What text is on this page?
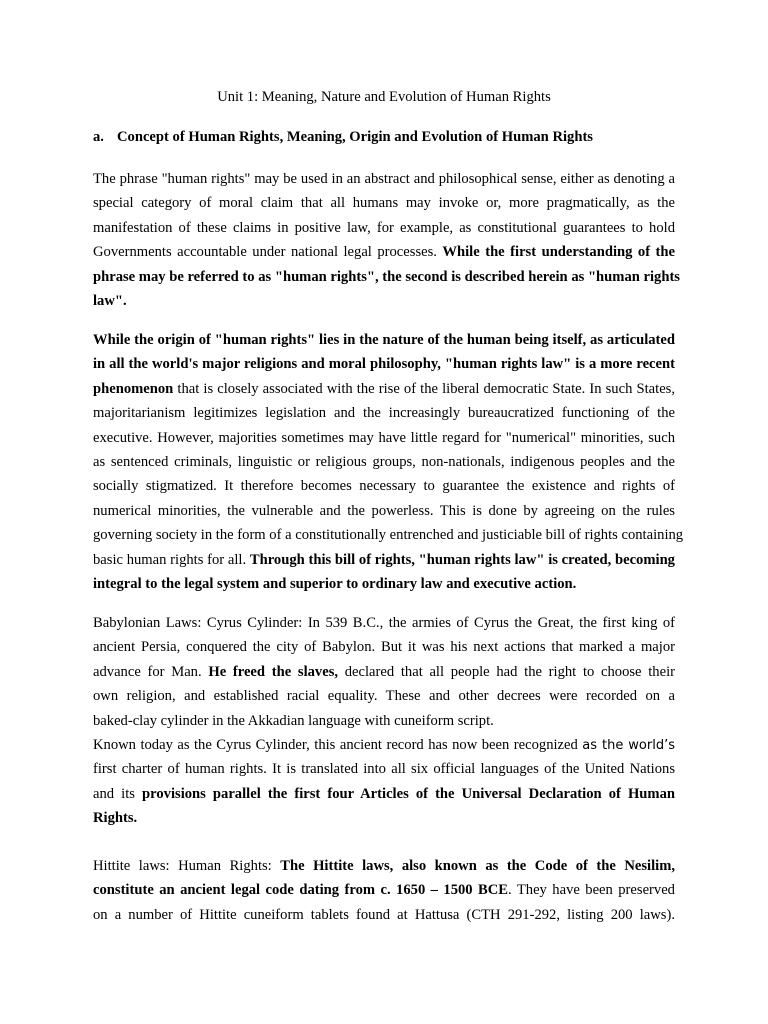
Unit 1: Meaning, Nature and Evolution of Human Rights
a. Concept of Human Rights, Meaning, Origin and Evolution of Human Rights
The phrase "human rights" may be used in an abstract and philosophical sense, either as denoting a
special category of moral claim that all humans may invoke or, more pragmatically, as the
manifestation of these claims in positive law, for example, as constitutional guarantees to hold
Governments accountable under national legal processes. While the first understanding of the
phrase may be referred to as "human rights", the second is described herein as "human rights
law".
While the origin of "human rights" lies in the nature of the human being itself, as articulated
in all the world's major religions and moral philosophy, "human rights law" is a more recent
phenomenon that is closely associated with the rise of the liberal democratic State. In such States,
majoritarianism legitimizes legislation and the increasingly bureaucratized functioning of the
executive. However, majorities sometimes may have little regard for "numerical" minorities, such
as sentenced criminals, linguistic or religious groups, non-nationals, indigenous peoples and the
socially stigmatized. It therefore becomes necessary to guarantee the existence and rights of
numerical minorities, the vulnerable and the powerless. This is done by agreeing on the rules
governing society in the form of a constitutionally entrenched and justiciable bill of rights containing
basic human rights for all. Through this bill of rights, "human rights law" is created, becoming
integral to the legal system and superior to ordinary law and executive action.
Babylonian Laws: Cyrus Cylinder: In 539 B.C., the armies of Cyrus the Great, the first king of
ancient Persia, conquered the city of Babylon. But it was his next actions that marked a major
advance for Man. He freed the slaves, declared that all people had the right to choose their
own religion, and established racial equality. These and other decrees were recorded on a
baked-clay cylinder in the Akkadian language with cuneiform script.
Known today as the Cyrus Cylinder, this ancient record has now been recognized as the world’s
first charter of human rights. It is translated into all six official languages of the United Nations
and its provisions parallel the first four Articles of the Universal Declaration of Human
Rights.
Hittite laws: Human Rights: The Hittite laws, also known as the Code of the Nesilim,
constitute an ancient legal code dating from c. 1650 – 1500 BCE. They have been preserved
on a number of Hittite cuneiform tablets found at Hattusa (CTH 291-292, listing 200 laws).
